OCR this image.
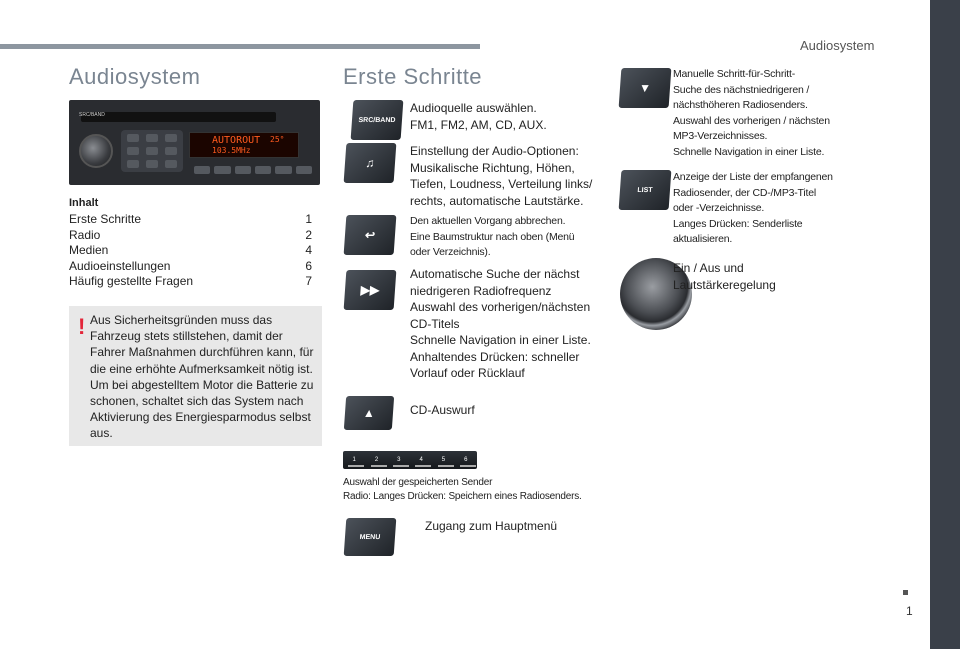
Audiosystem
1
Audiosystem
SRC/BAND
AUTOROUT 25°
103.5MHz
Inhalt
Erste Schritte	1
Radio	2
Medien	4
Audioeinstellungen	6
Häufig gestellte Fragen	7
! Aus Sicherheitsgründen muss das Fahrzeug stets stillstehen, damit der Fahrer Maßnahmen durchführen kann, für die eine erhöhte Aufmerksamkeit nötig ist. Um bei abgestelltem Motor die Batterie zu schonen, schaltet sich das System nach Aktivierung des Energiesparmodus selbst aus.
Erste Schritte
SRC/BAND
Audioquelle auswählen.
FM1, FM2, AM, CD, AUX.
♫
Einstellung der Audio-Optionen:
Musikalische Richtung, Höhen,
Tiefen, Loudness, Verteilung links/
rechts, automatische Lautstärke.
↩
Den aktuellen Vorgang abbrechen.
Eine Baumstruktur nach oben (Menü
oder Verzeichnis).
▶▶
Automatische Suche der nächst
niedrigeren Radiofrequenz
Auswahl des vorherigen/nächsten
CD-Titels
Schnelle Navigation in einer Liste.
Anhaltendes Drücken: schneller
Vorlauf oder Rücklauf
▲	CD-Auswurf
1	2	3	4	5	6
Auswahl der gespeicherten Sender
Radio: Langes Drücken: Speichern eines Radiosenders.
MENU
Zugang zum Hauptmenü
▼
Manuelle Schritt-für-Schritt-
Suche des nächstniedrigeren /
nächsthöheren Radiosenders.
Auswahl des vorherigen / nächsten
MP3-Verzeichnisses.
Schnelle Navigation in einer Liste.
LIST
Anzeige der Liste der empfangenen
Radiosender, der CD-/MP3-Titel
oder -Verzeichnisse.
Langes Drücken: Senderliste
aktualisieren.
Ein / Aus und
Lautstärkeregelung
